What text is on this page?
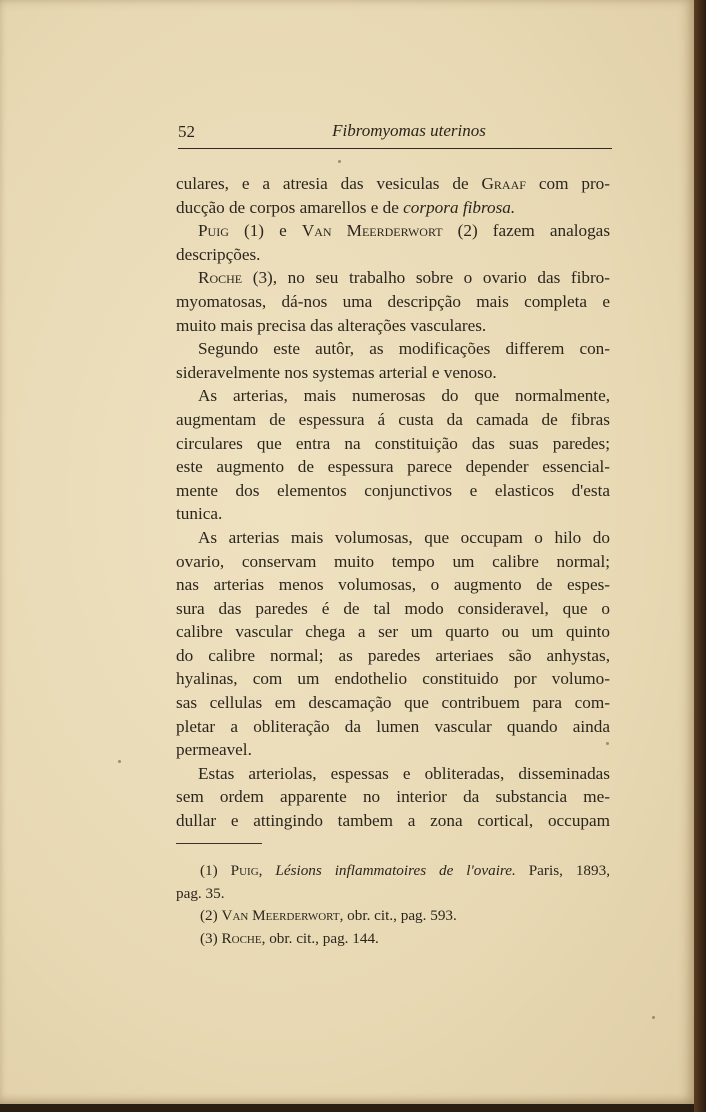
52	Fibromyomas uterinos

culares, e a atresia das vesiculas de Graaf com pro-

ducção de corpos amarellos e de corpora fibrosa.

Puig (1) e Van Meerderwort (2) fazem analogas

descripções.

Roche (3), no seu trabalho sobre o ovario das fibro-

myomatosas, dá-nos uma descripção mais completa e

muito mais precisa das alterações vasculares.

Segundo este autôr, as modificações differem con-

sideravelmente nos systemas arterial e venoso.

As arterias, mais numerosas do que normalmente,

augmentam de espessura á custa da camada de fibras

circulares que entra na constituição das suas paredes;

este augmento de espessura parece depender essencial-

mente dos elementos conjunctivos e elasticos d'esta

tunica.

As arterias mais volumosas, que occupam o hilo do

ovario, conservam muito tempo um calibre normal;

nas arterias menos volumosas, o augmento de espes-

sura das paredes é de tal modo consideravel, que o

calibre vascular chega a ser um quarto ou um quinto

do calibre normal; as paredes arteriaes são anhystas,

hyalinas, com um endothelio constituido por volumo-

sas cellulas em descamação que contribuem para com-

pletar a obliteração da lumen vascular quando ainda

permeavel.

Estas arteriolas, espessas e obliteradas, disseminadas

sem ordem apparente no interior da substancia me-

dullar e attingindo tambem a zona cortical, occupam

(1) Puig, Lésions inflammatoires de l'ovaire. Paris, 1893,

pag. 35.

(2) Van Meerderwort, obr. cit., pag. 593.

(3) Roche, obr. cit., pag. 144.
